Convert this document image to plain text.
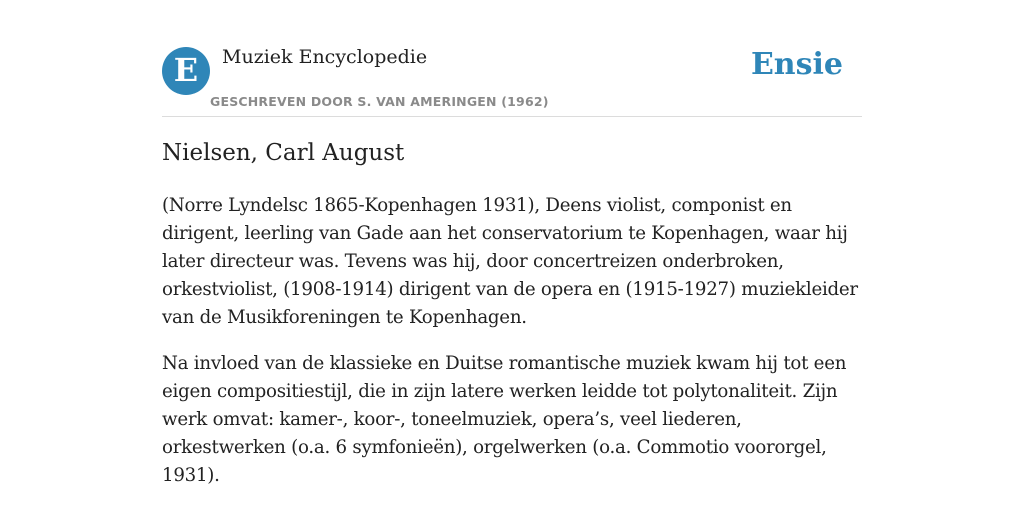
E	Muziek Encyclopedie
GESCHREVEN DOOR S. VAN AMERINGEN (1962)
Ensie
Nielsen, Carl August

(Norre Lyndelsc 1865-Kopenhagen 1931), Deens violist, componist en dirigent, leerling van Gade aan het conservatorium te Kopenhagen, waar hij later directeur was. Tevens was hij, door concertreizen onderbroken, orkestviolist, (1908-1914) dirigent van de opera en (1915-1927) muziekleider van de Musikforeningen te Kopenhagen.

Na invloed van de klassieke en Duitse romantische muziek kwam hij tot een eigen compositiestijl, die in zijn latere werken leidde tot polytonaliteit. Zijn werk omvat: kamer-, koor-, toneelmuziek, opera’s, veel liederen, orkestwerken (o.a. 6 symfonieën), orgelwerken (o.a. Commotio voororgel, 1931).
